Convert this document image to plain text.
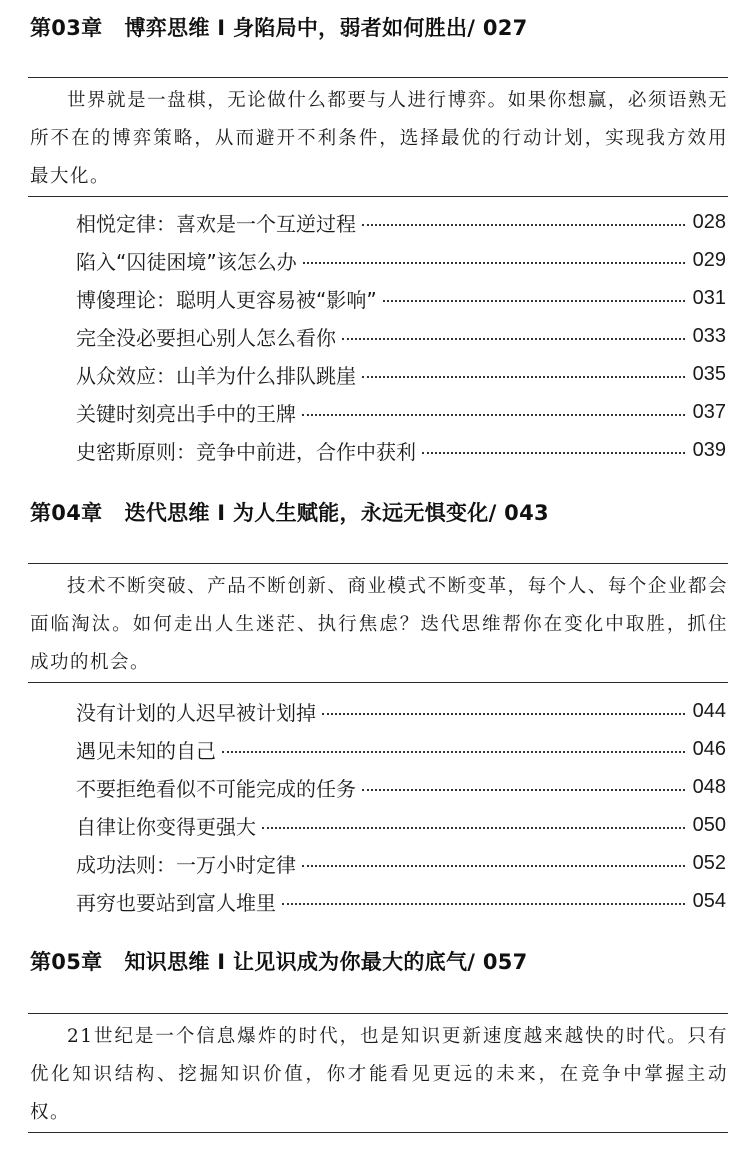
第03章 博弈思维 I 身陷局中，弱者如何胜出/ 027

世界就是一盘棋，无论做什么都要与人进行博弈。如果你想赢，必须语熟无所不在的博弈策略，从而避开不利条件，选择最优的行动计划，实现我方效用最大化。

相悦定律：喜欢是一个互逆过程	028
陷入“囚徒困境”该怎么办	029
博傻理论：聪明人更容易被“影响”	031
完全没必要担心别人怎么看你	033
从众效应：山羊为什么排队跳崖	035
关键时刻亮出手中的王牌	037
史密斯原则：竞争中前进，合作中获利	039
第04章 迭代思维 I 为人生赋能，永远无惧变化/ 043

技术不断突破、产品不断创新、商业模式不断变革，每个人、每个企业都会面临淘汰。如何走出人生迷茫、执行焦虑？迭代思维帮你在变化中取胜，抓住成功的机会。

没有计划的人迟早被计划掉	044
遇见未知的自己	046
不要拒绝看似不可能完成的任务	048
自律让你变得更强大	050
成功法则：一万小时定律	052
再穷也要站到富人堆里	054
第05章 知识思维 I 让见识成为你最大的底气/ 057

21世纪是一个信息爆炸的时代，也是知识更新速度越来越快的时代。只有优化知识结构、挖掘知识价值，你才能看见更远的未来，在竞争中掌握主动权。
